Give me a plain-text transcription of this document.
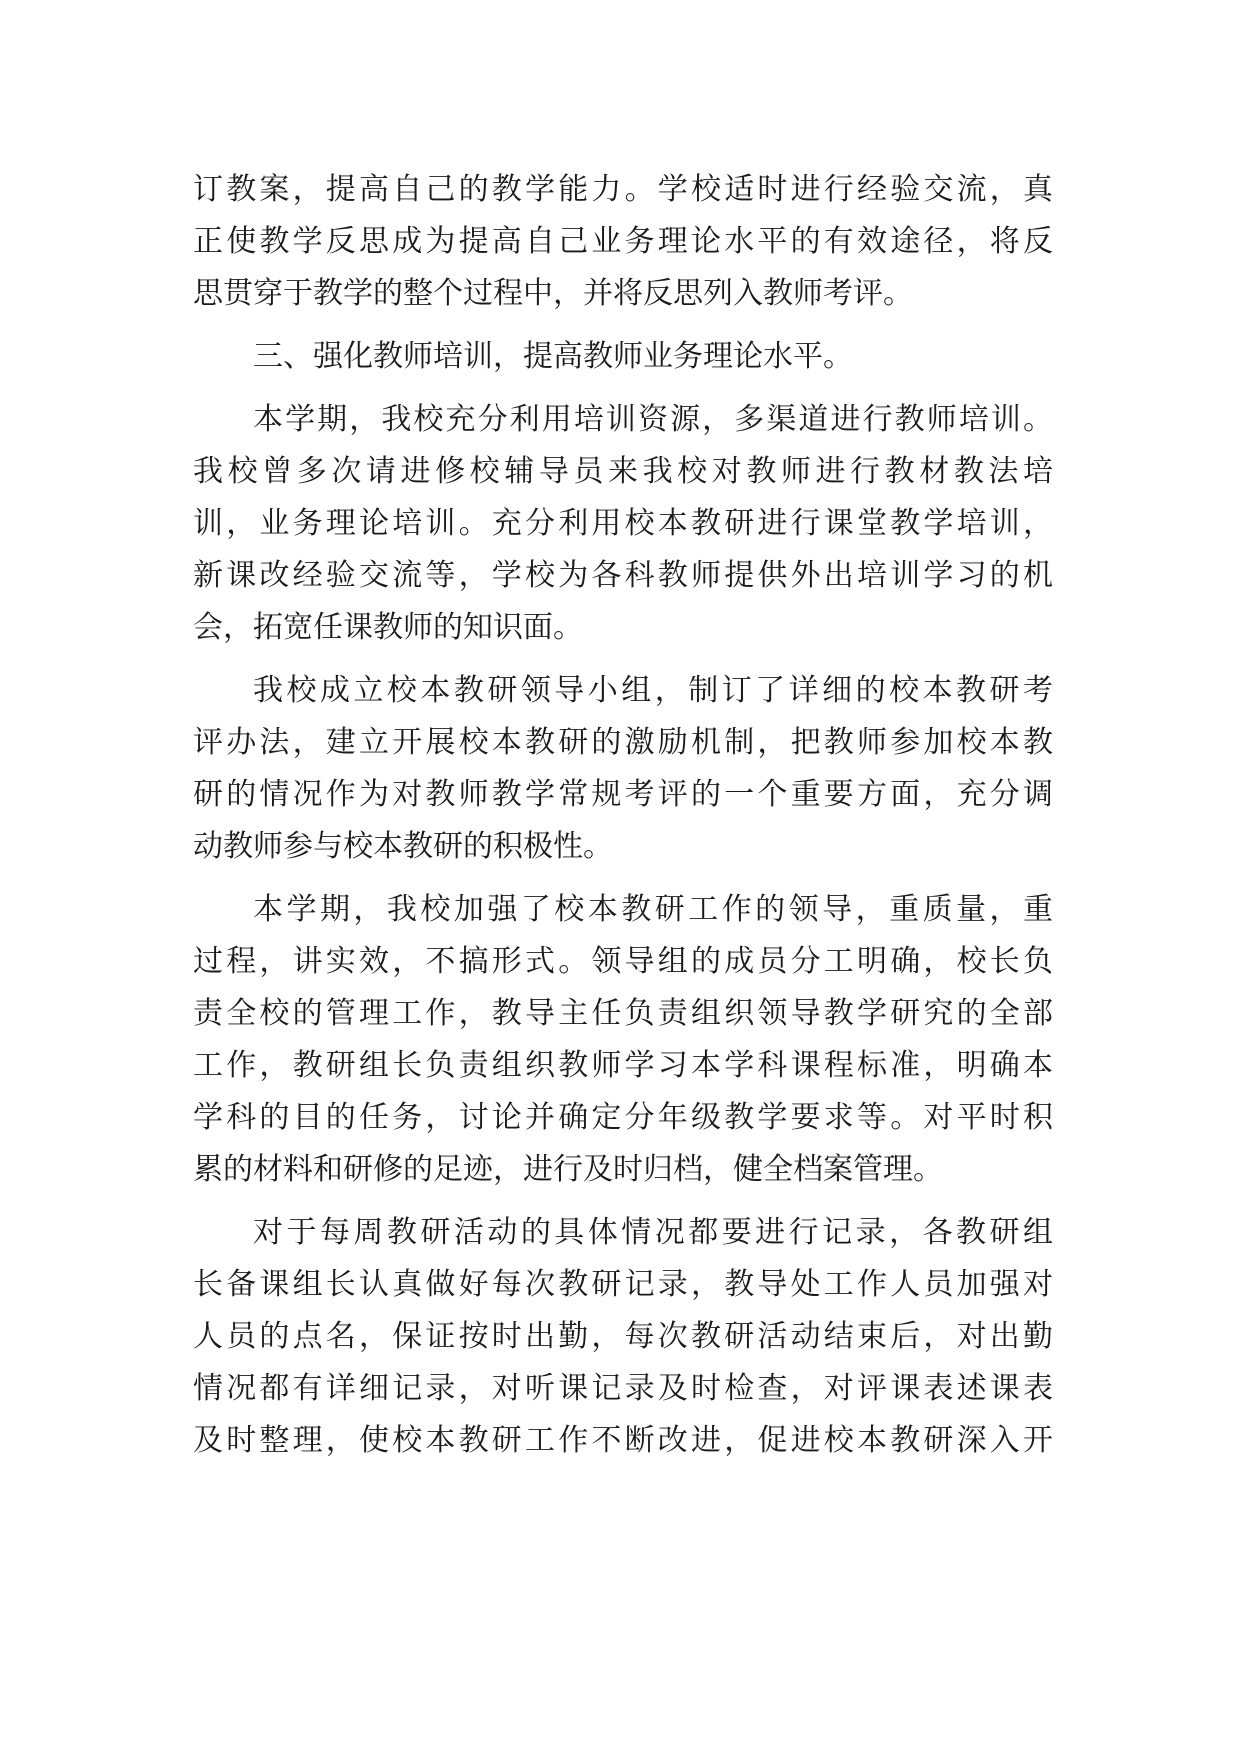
订教案，提高自己的教学能力。学校适时进行经验交流，真
正使教学反思成为提高自己业务理论水平的有效途径，将反
思贯穿于教学的整个过程中，并将反思列入教师考评。
三、强化教师培训，提高教师业务理论水平。
本学期，我校充分利用培训资源，多渠道进行教师培训。
我校曾多次请进修校辅导员来我校对教师进行教材教法培
训，业务理论培训。充分利用校本教研进行课堂教学培训，
新课改经验交流等，学校为各科教师提供外出培训学习的机
会，拓宽任课教师的知识面。
我校成立校本教研领导小组，制订了详细的校本教研考
评办法，建立开展校本教研的激励机制，把教师参加校本教
研的情况作为对教师教学常规考评的一个重要方面，充分调
动教师参与校本教研的积极性。
本学期，我校加强了校本教研工作的领导，重质量，重
过程，讲实效，不搞形式。领导组的成员分工明确，校长负
责全校的管理工作，教导主任负责组织领导教学研究的全部
工作，教研组长负责组织教师学习本学科课程标准，明确本
学科的目的任务，讨论并确定分年级教学要求等。对平时积
累的材料和研修的足迹，进行及时归档，健全档案管理。
对于每周教研活动的具体情况都要进行记录，各教研组
长备课组长认真做好每次教研记录，教导处工作人员加强对
人员的点名，保证按时出勤，每次教研活动结束后，对出勤
情况都有详细记录，对听课记录及时检查，对评课表述课表
及时整理，使校本教研工作不断改进，促进校本教研深入开
